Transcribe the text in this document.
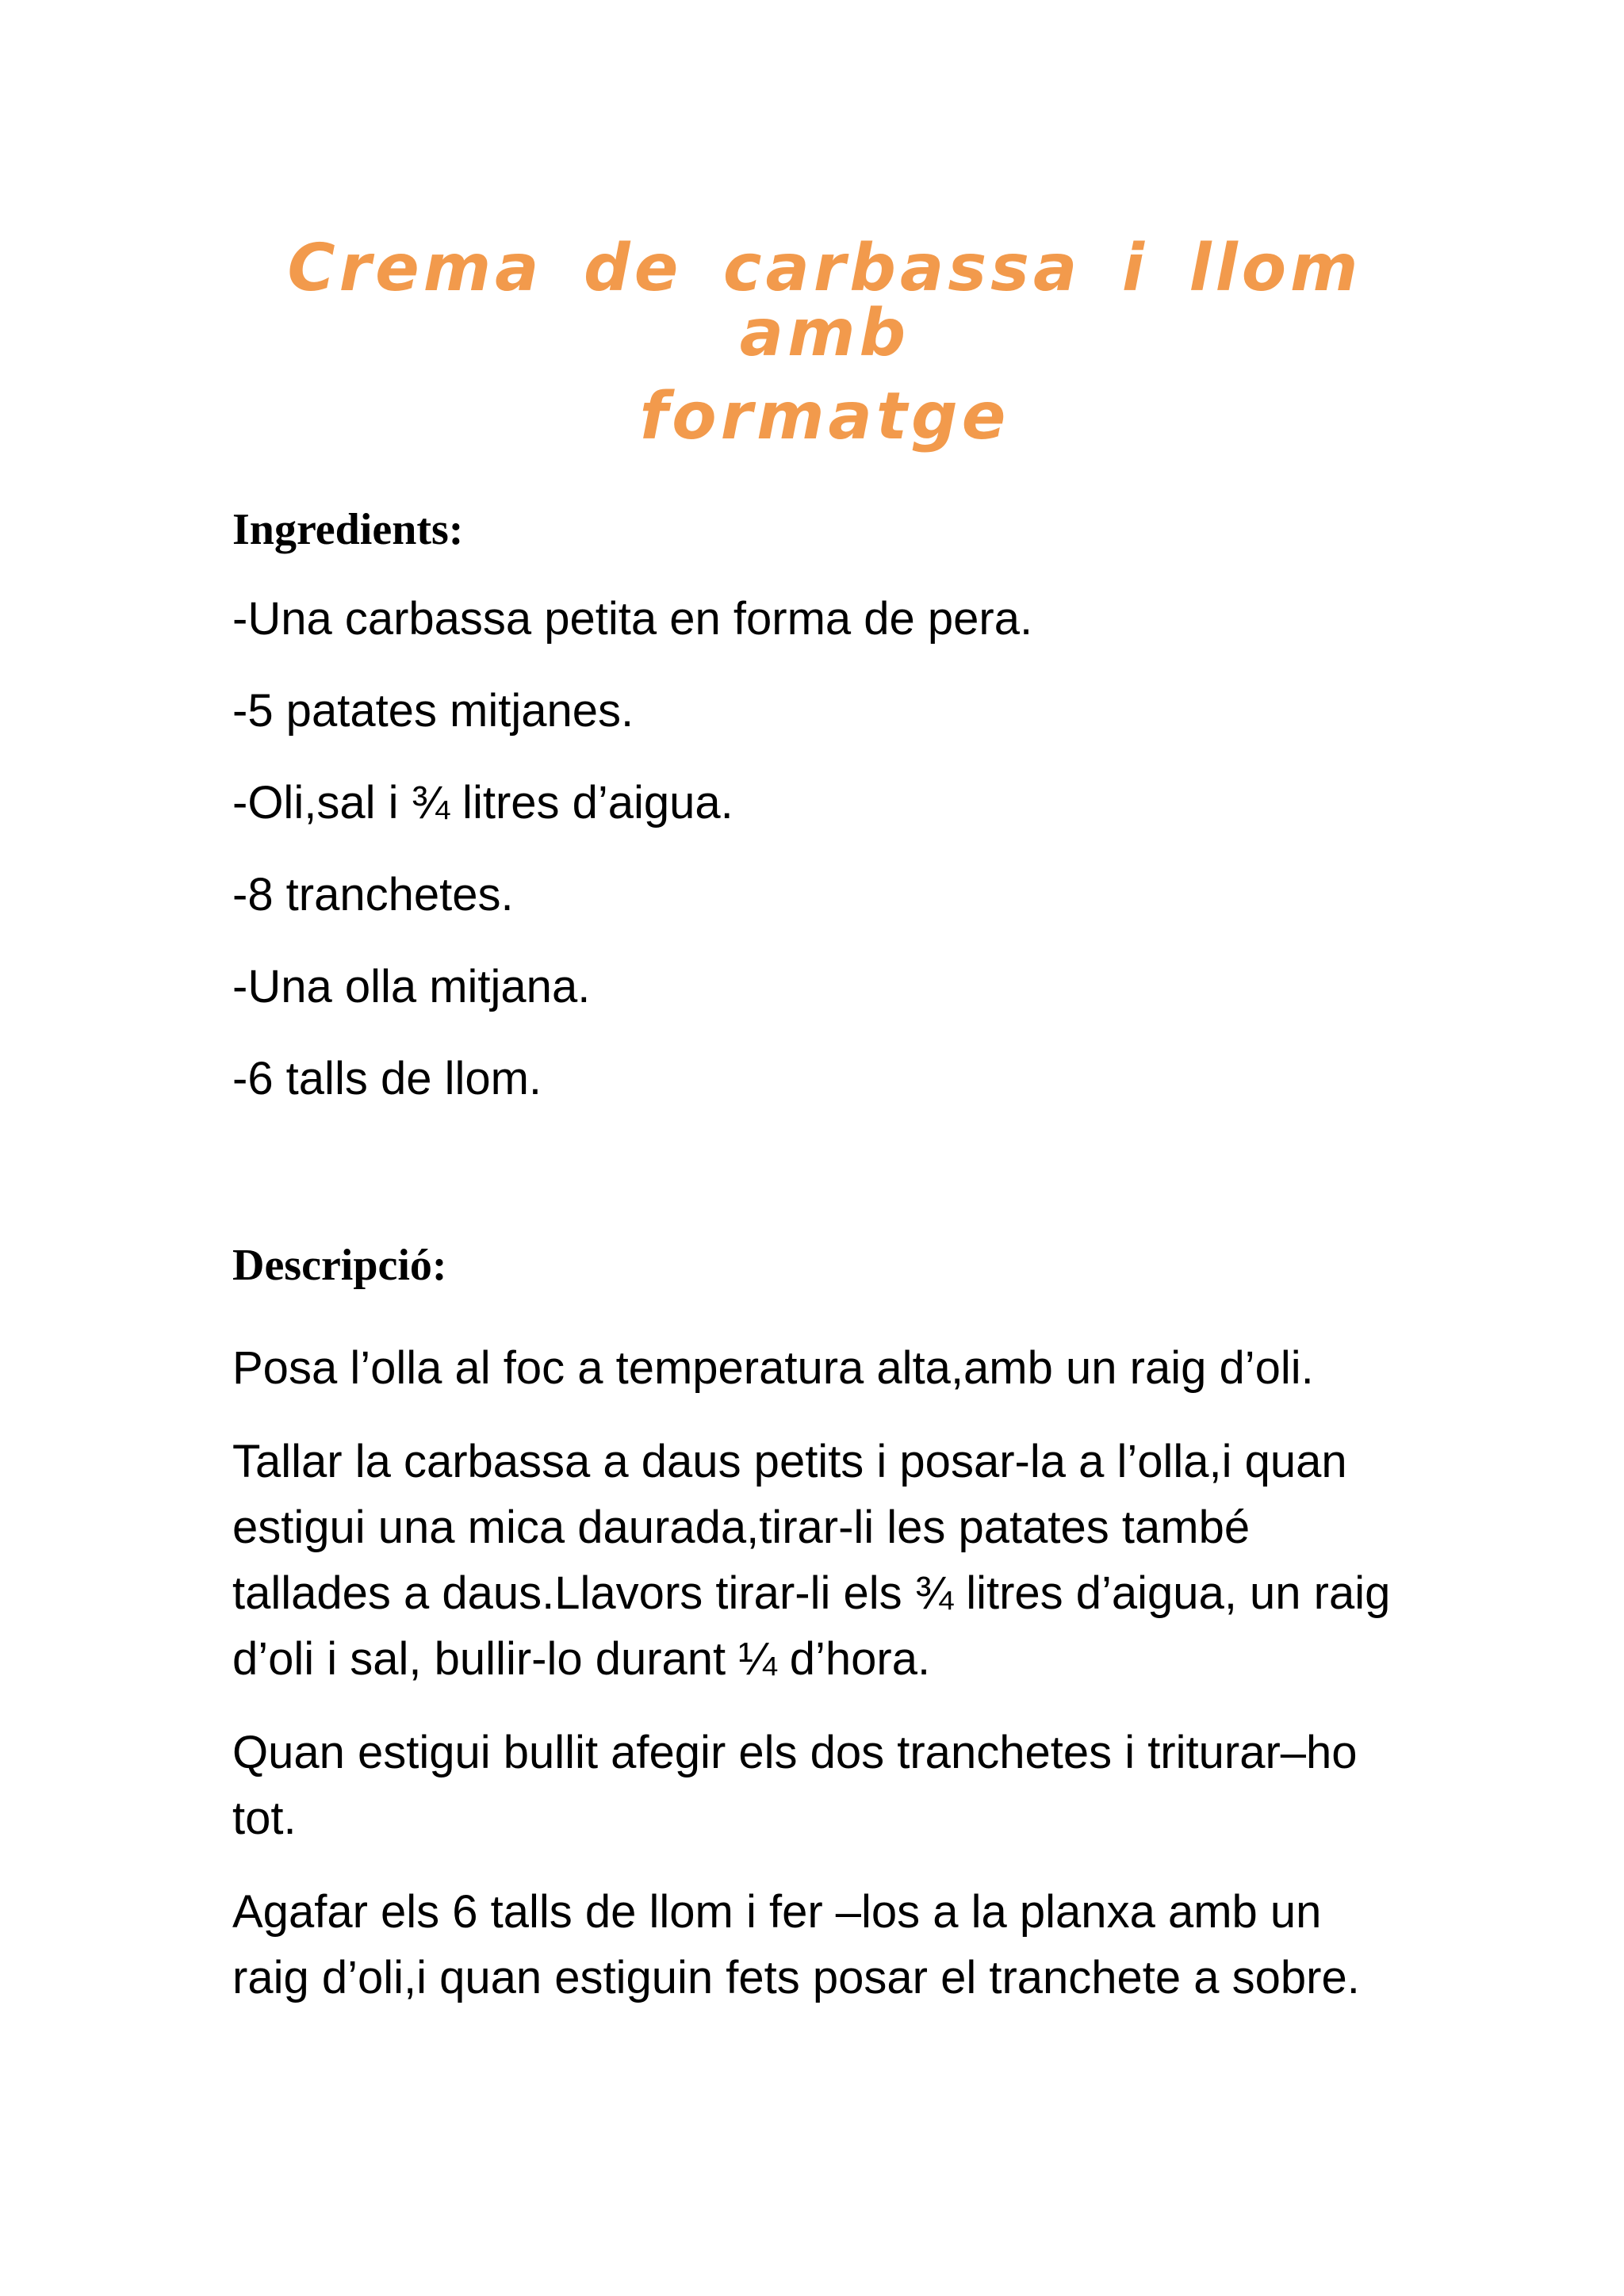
Crema de carbassa i llom amb
formatge
Ingredients:
-Una carbassa petita en forma de pera.
-5 patates mitjanes.
-Oli,sal i ¾ litres d’aigua.
-8 tranchetes.
-Una olla mitjana.
-6 talls de llom.
Descripció:

Posa l’olla al foc a temperatura alta,amb un raig d’oli.

Tallar la carbassa a daus petits i posar-la a l’olla,i quan estigui una mica daurada,tirar-li les patates també tallades a daus.Llavors tirar-li els ¾ litres d’aigua, un raig d’oli i sal, bullir-lo durant ¼ d’hora.

Quan estigui bullit afegir els dos tranchetes i triturar–ho tot.

Agafar els 6 talls de llom i fer –los a la planxa amb un raig d’oli,i quan estiguin fets posar el tranchete a sobre.
